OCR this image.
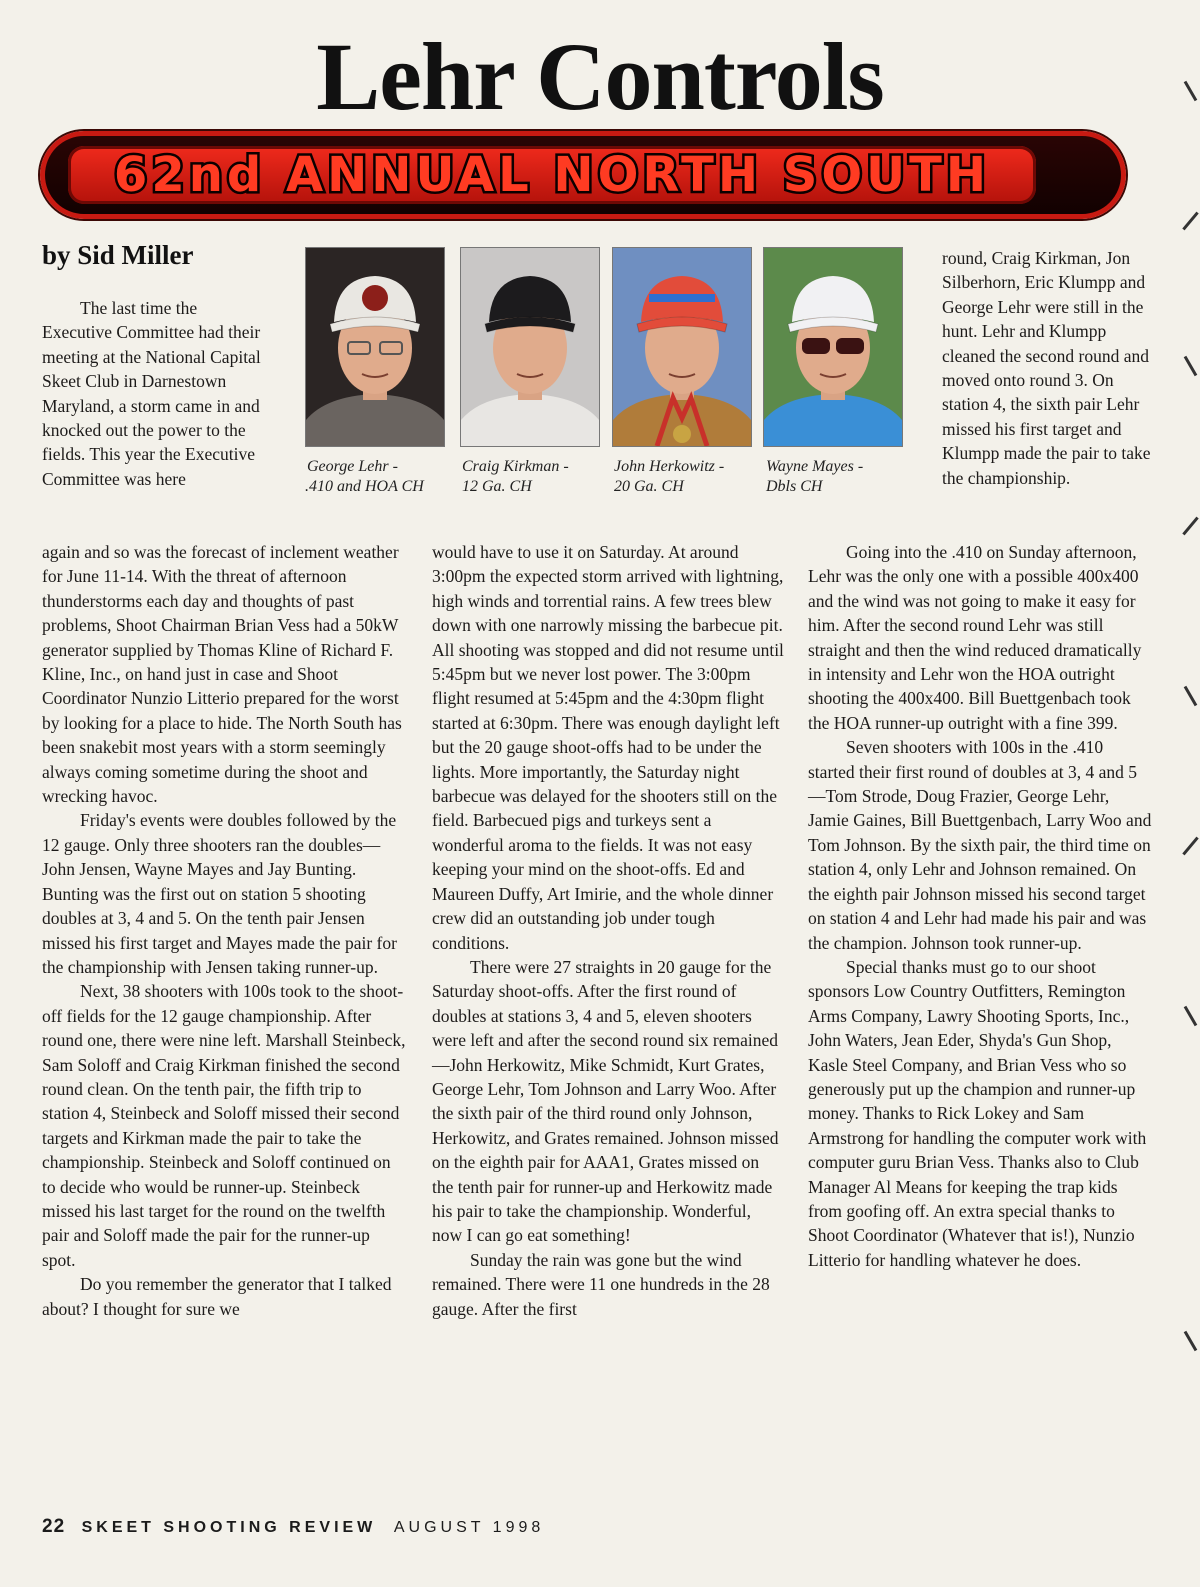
Lehr Controls
62nd ANNUAL NORTH SOUTH
by Sid Miller
George Lehr -
.410 and HOA CH
Craig Kirkman -
12 Ga. CH
John Herkowitz -
20 Ga. CH
Wayne Mayes -
Dbls CH

The last time the Executive Committee had their meeting at the National Capital Skeet Club in Darnestown Maryland, a storm came in and knocked out the power to the fields. This year the Executive Committee was here

again and so was the forecast of inclement weather for June 11-14. With the threat of afternoon thunderstorms each day and thoughts of past problems, Shoot Chairman Brian Vess had a 50kW generator supplied by Thomas Kline of Richard F. Kline, Inc., on hand just in case and Shoot Coordinator Nunzio Litterio prepared for the worst by looking for a place to hide. The North South has been snakebit most years with a storm seemingly always coming sometime during the shoot and wrecking havoc.

Friday's events were doubles followed by the 12 gauge. Only three shooters ran the doubles—John Jensen, Wayne Mayes and Jay Bunting. Bunting was the first out on station 5 shooting doubles at 3, 4 and 5. On the tenth pair Jensen missed his first target and Mayes made the pair for the championship with Jensen taking runner-up.

Next, 38 shooters with 100s took to the shoot-off fields for the 12 gauge championship. After round one, there were nine left. Marshall Steinbeck, Sam Soloff and Craig Kirkman finished the second round clean. On the tenth pair, the fifth trip to station 4, Steinbeck and Soloff missed their second targets and Kirkman made the pair to take the championship. Steinbeck and Soloff continued on to decide who would be runner-up. Steinbeck missed his last target for the round on the twelfth pair and Soloff made the pair for the runner-up spot.

Do you remember the generator that I talked about? I thought for sure we

would have to use it on Saturday. At around 3:00pm the expected storm arrived with lightning, high winds and torrential rains. A few trees blew down with one narrowly missing the barbecue pit. All shooting was stopped and did not resume until 5:45pm but we never lost power. The 3:00pm flight resumed at 5:45pm and the 4:30pm flight started at 6:30pm. There was enough daylight left but the 20 gauge shoot-offs had to be under the lights. More importantly, the Saturday night barbecue was delayed for the shooters still on the field. Barbecued pigs and turkeys sent a wonderful aroma to the fields. It was not easy keeping your mind on the shoot-offs. Ed and Maureen Duffy, Art Imirie, and the whole dinner crew did an outstanding job under tough conditions.

There were 27 straights in 20 gauge for the Saturday shoot-offs. After the first round of doubles at stations 3, 4 and 5, eleven shooters were left and after the second round six remained—John Herkowitz, Mike Schmidt, Kurt Grates, George Lehr, Tom Johnson and Larry Woo. After the sixth pair of the third round only Johnson, Herkowitz, and Grates remained. Johnson missed on the eighth pair for AAA1, Grates missed on the tenth pair for runner-up and Herkowitz made his pair to take the championship. Wonderful, now I can go eat something!

Sunday the rain was gone but the wind remained. There were 11 one hundreds in the 28 gauge. After the first

round, Craig Kirkman, Jon Silberhorn, Eric Klumpp and George Lehr were still in the hunt. Lehr and Klumpp cleaned the second round and moved onto round 3. On station 4, the sixth pair Lehr missed his first target and Klumpp made the pair to take the championship.

Going into the .410 on Sunday afternoon, Lehr was the only one with a possible 400x400 and the wind was not going to make it easy for him. After the second round Lehr was still straight and then the wind reduced dramatically in intensity and Lehr won the HOA outright shooting the 400x400. Bill Buettgenbach took the HOA runner-up outright with a fine 399.

Seven shooters with 100s in the .410 started their first round of doubles at 3, 4 and 5—Tom Strode, Doug Frazier, George Lehr, Jamie Gaines, Bill Buettgenbach, Larry Woo and Tom Johnson. By the sixth pair, the third time on station 4, only Lehr and Johnson remained. On the eighth pair Johnson missed his second target on station 4 and Lehr had made his pair and was the champion. Johnson took runner-up.

Special thanks must go to our shoot sponsors Low Country Outfitters, Remington Arms Company, Lawry Shooting Sports, Inc., John Waters, Jean Eder, Shyda's Gun Shop, Kasle Steel Company, and Brian Vess who so generously put up the champion and runner-up money. Thanks to Rick Lokey and Sam Armstrong for handling the computer work with computer guru Brian Vess. Thanks also to Club Manager Al Means for keeping the trap kids from goofing off. An extra special thanks to Shoot Coordinator (Whatever that is!), Nunzio Litterio for handling whatever he does.

22 SKEET SHOOTING REVIEW AUGUST 1998
